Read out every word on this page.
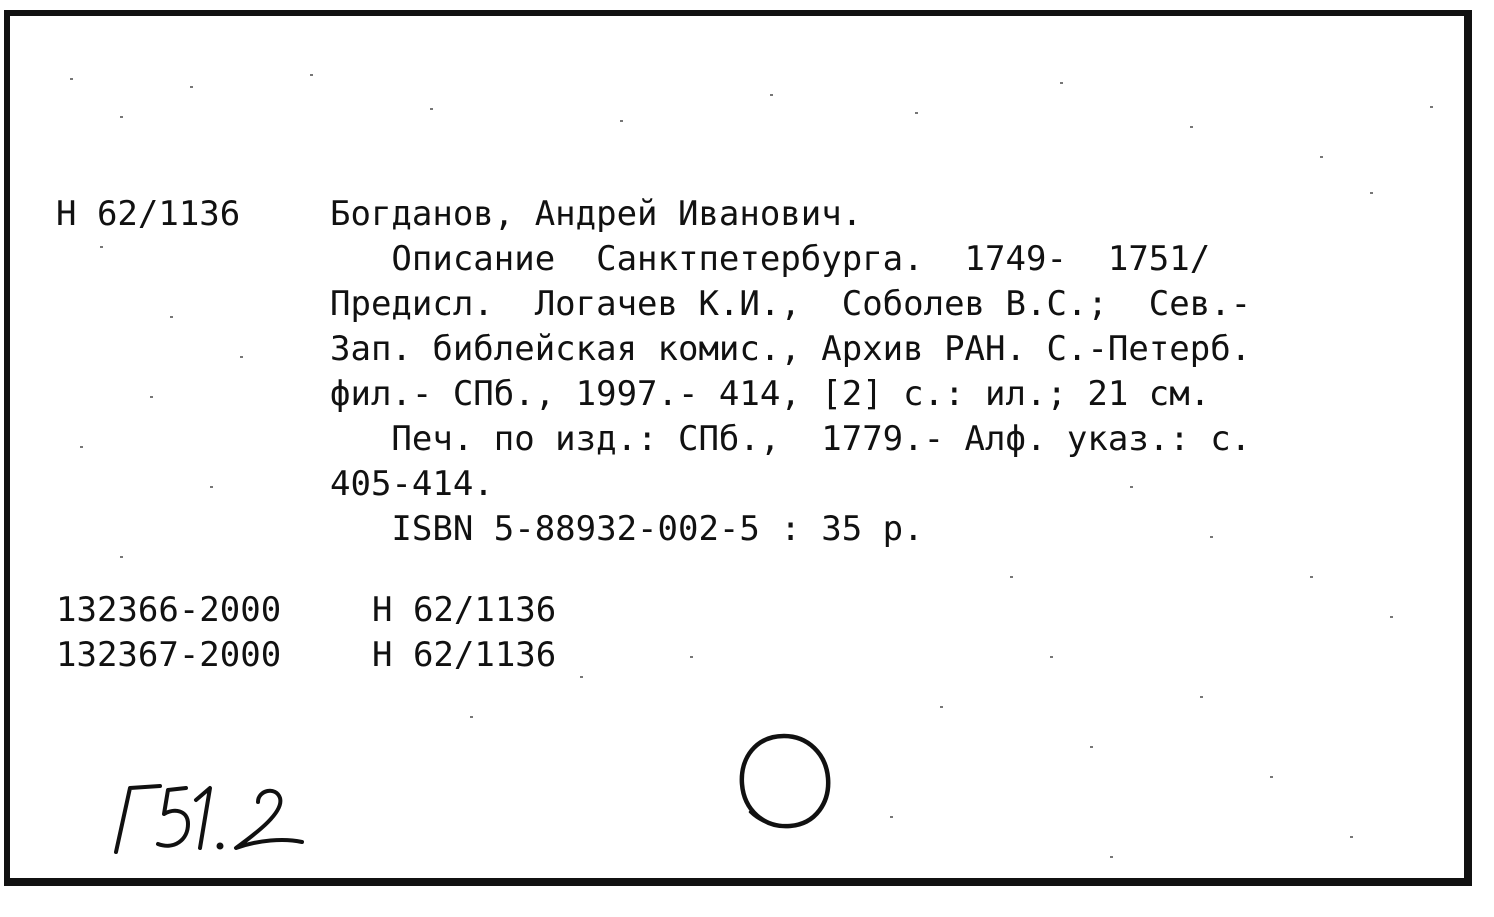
Н 62/1136	Богданов, Андрей Иванович.
Описание  Санктпетербурга.  1749-  1751/
Предисл.  Логачев К.И.,  Соболев В.С.;  Сев.-
Зап. библейская комис., Архив РАН. С.-Петерб.
фил.- СПб., 1997.- 414, [2] с.: ил.; 21 см.
Печ. по изд.: СПб.,  1779.- Алф. указ.: с.
405-414.
ISBN 5-88932-002-5 : 35 р.
132366-2000	Н 62/1136
132367-2000	Н 62/1136
